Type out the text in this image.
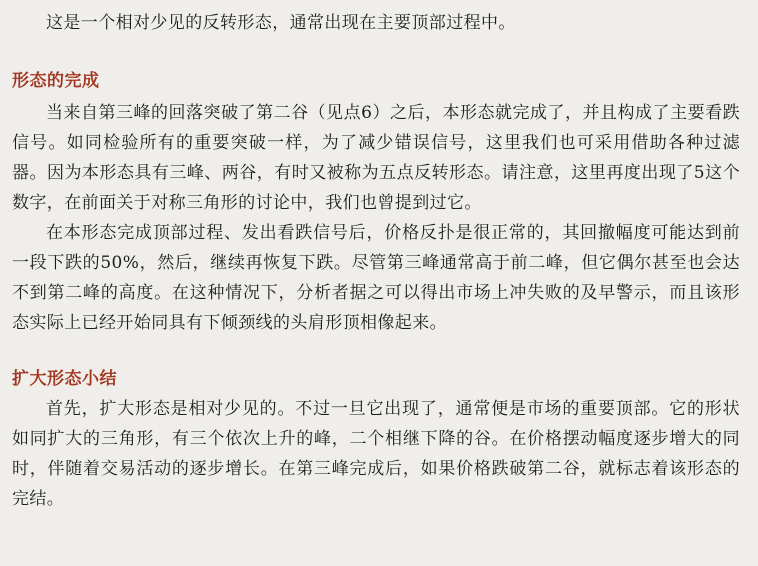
这是一个相对少见的反转形态，通常出现在主要顶部过程中。

形态的完成

当来自第三峰的回落突破了第二谷（见点6）之后，本形态就完成了，并且构成了主要看跌信号。如同检验所有的重要突破一样，为了减少错误信号，这里我们也可采用借助各种过滤器。因为本形态具有三峰、两谷，有时又被称为五点反转形态。请注意，这里再度出现了5这个数字，在前面关于对称三角形的讨论中，我们也曾提到过它。

在本形态完成顶部过程、发出看跌信号后，价格反扑是很正常的，其回撤幅度可能达到前一段下跌的50%，然后，继续再恢复下跌。尽管第三峰通常高于前二峰，但它偶尔甚至也会达不到第二峰的高度。在这种情况下，分析者据之可以得出市场上冲失败的及早警示，而且该形态实际上已经开始同具有下倾颈线的头肩形顶相像起来。

扩大形态小结

首先，扩大形态是相对少见的。不过一旦它出现了，通常便是市场的重要顶部。它的形状如同扩大的三角形，有三个依次上升的峰，二个相继下降的谷。在价格摆动幅度逐步增大的同时，伴随着交易活动的逐步增长。在第三峰完成后，如果价格跌破第二谷，就标志着该形态的完结。
